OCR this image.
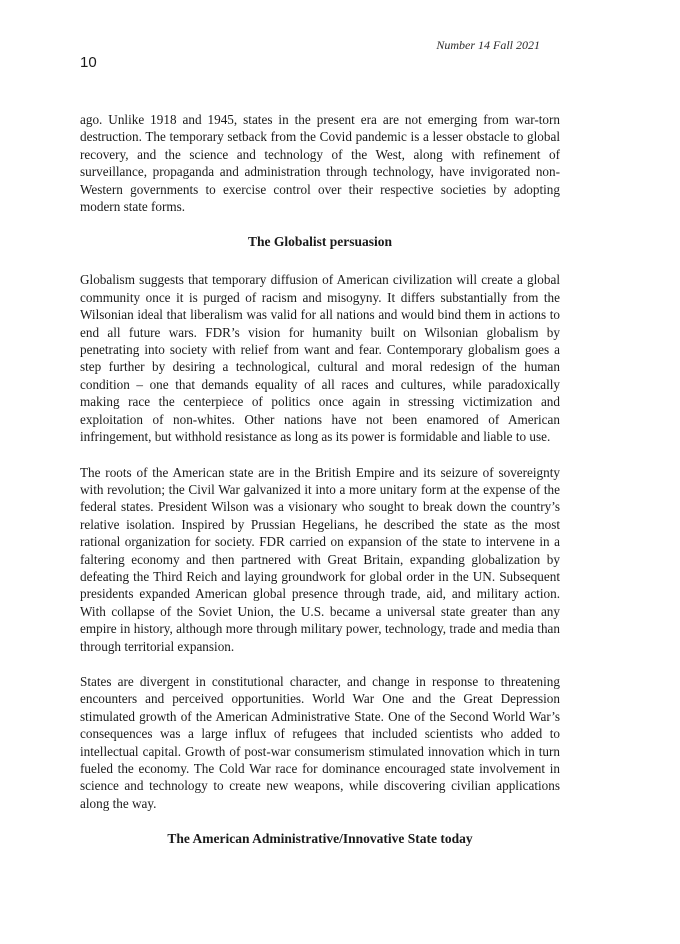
Number 14 Fall 2021
10

ago. Unlike 1918 and 1945, states in the present era are not emerging from war-torn destruction. The temporary setback from the Covid pandemic is a lesser obstacle to global recovery, and the science and technology of the West, along with refinement of surveillance, propaganda and administration through technology, have invigorated non-Western governments to exercise control over their respective societies by adopting modern state forms.

The Globalist persuasion

Globalism suggests that temporary diffusion of American civilization will create a global community once it is purged of racism and misogyny. It differs substantially from the Wilsonian ideal that liberalism was valid for all nations and would bind them in actions to end all future wars. FDR’s vision for humanity built on Wilsonian globalism by penetrating into society with relief from want and fear. Contemporary globalism goes a step further by desiring a technological, cultural and moral redesign of the human condition – one that demands equality of all races and cultures, while paradoxically making race the centerpiece of politics once again in stressing victimization and exploitation of non-whites. Other nations have not been enamored of American infringement, but withhold resistance as long as its power is formidable and liable to use.

The roots of the American state are in the British Empire and its seizure of sovereignty with revolution; the Civil War galvanized it into a more unitary form at the expense of the federal states. President Wilson was a visionary who sought to break down the country’s relative isolation. Inspired by Prussian Hegelians, he described the state as the most rational organization for society. FDR carried on expansion of the state to intervene in a faltering economy and then partnered with Great Britain, expanding globalization by defeating the Third Reich and laying groundwork for global order in the UN. Subsequent presidents expanded American global presence through trade, aid, and military action. With collapse of the Soviet Union, the U.S. became a universal state greater than any empire in history, although more through military power, technology, trade and media than through territorial expansion.

States are divergent in constitutional character, and change in response to threatening encounters and perceived opportunities. World War One and the Great Depression stimulated growth of the American Administrative State. One of the Second World War’s consequences was a large influx of refugees that included scientists who added to intellectual capital. Growth of post-war consumerism stimulated innovation which in turn fueled the economy. The Cold War race for dominance encouraged state involvement in science and technology to create new weapons, while discovering civilian applications along the way.

The American Administrative/Innovative State today
